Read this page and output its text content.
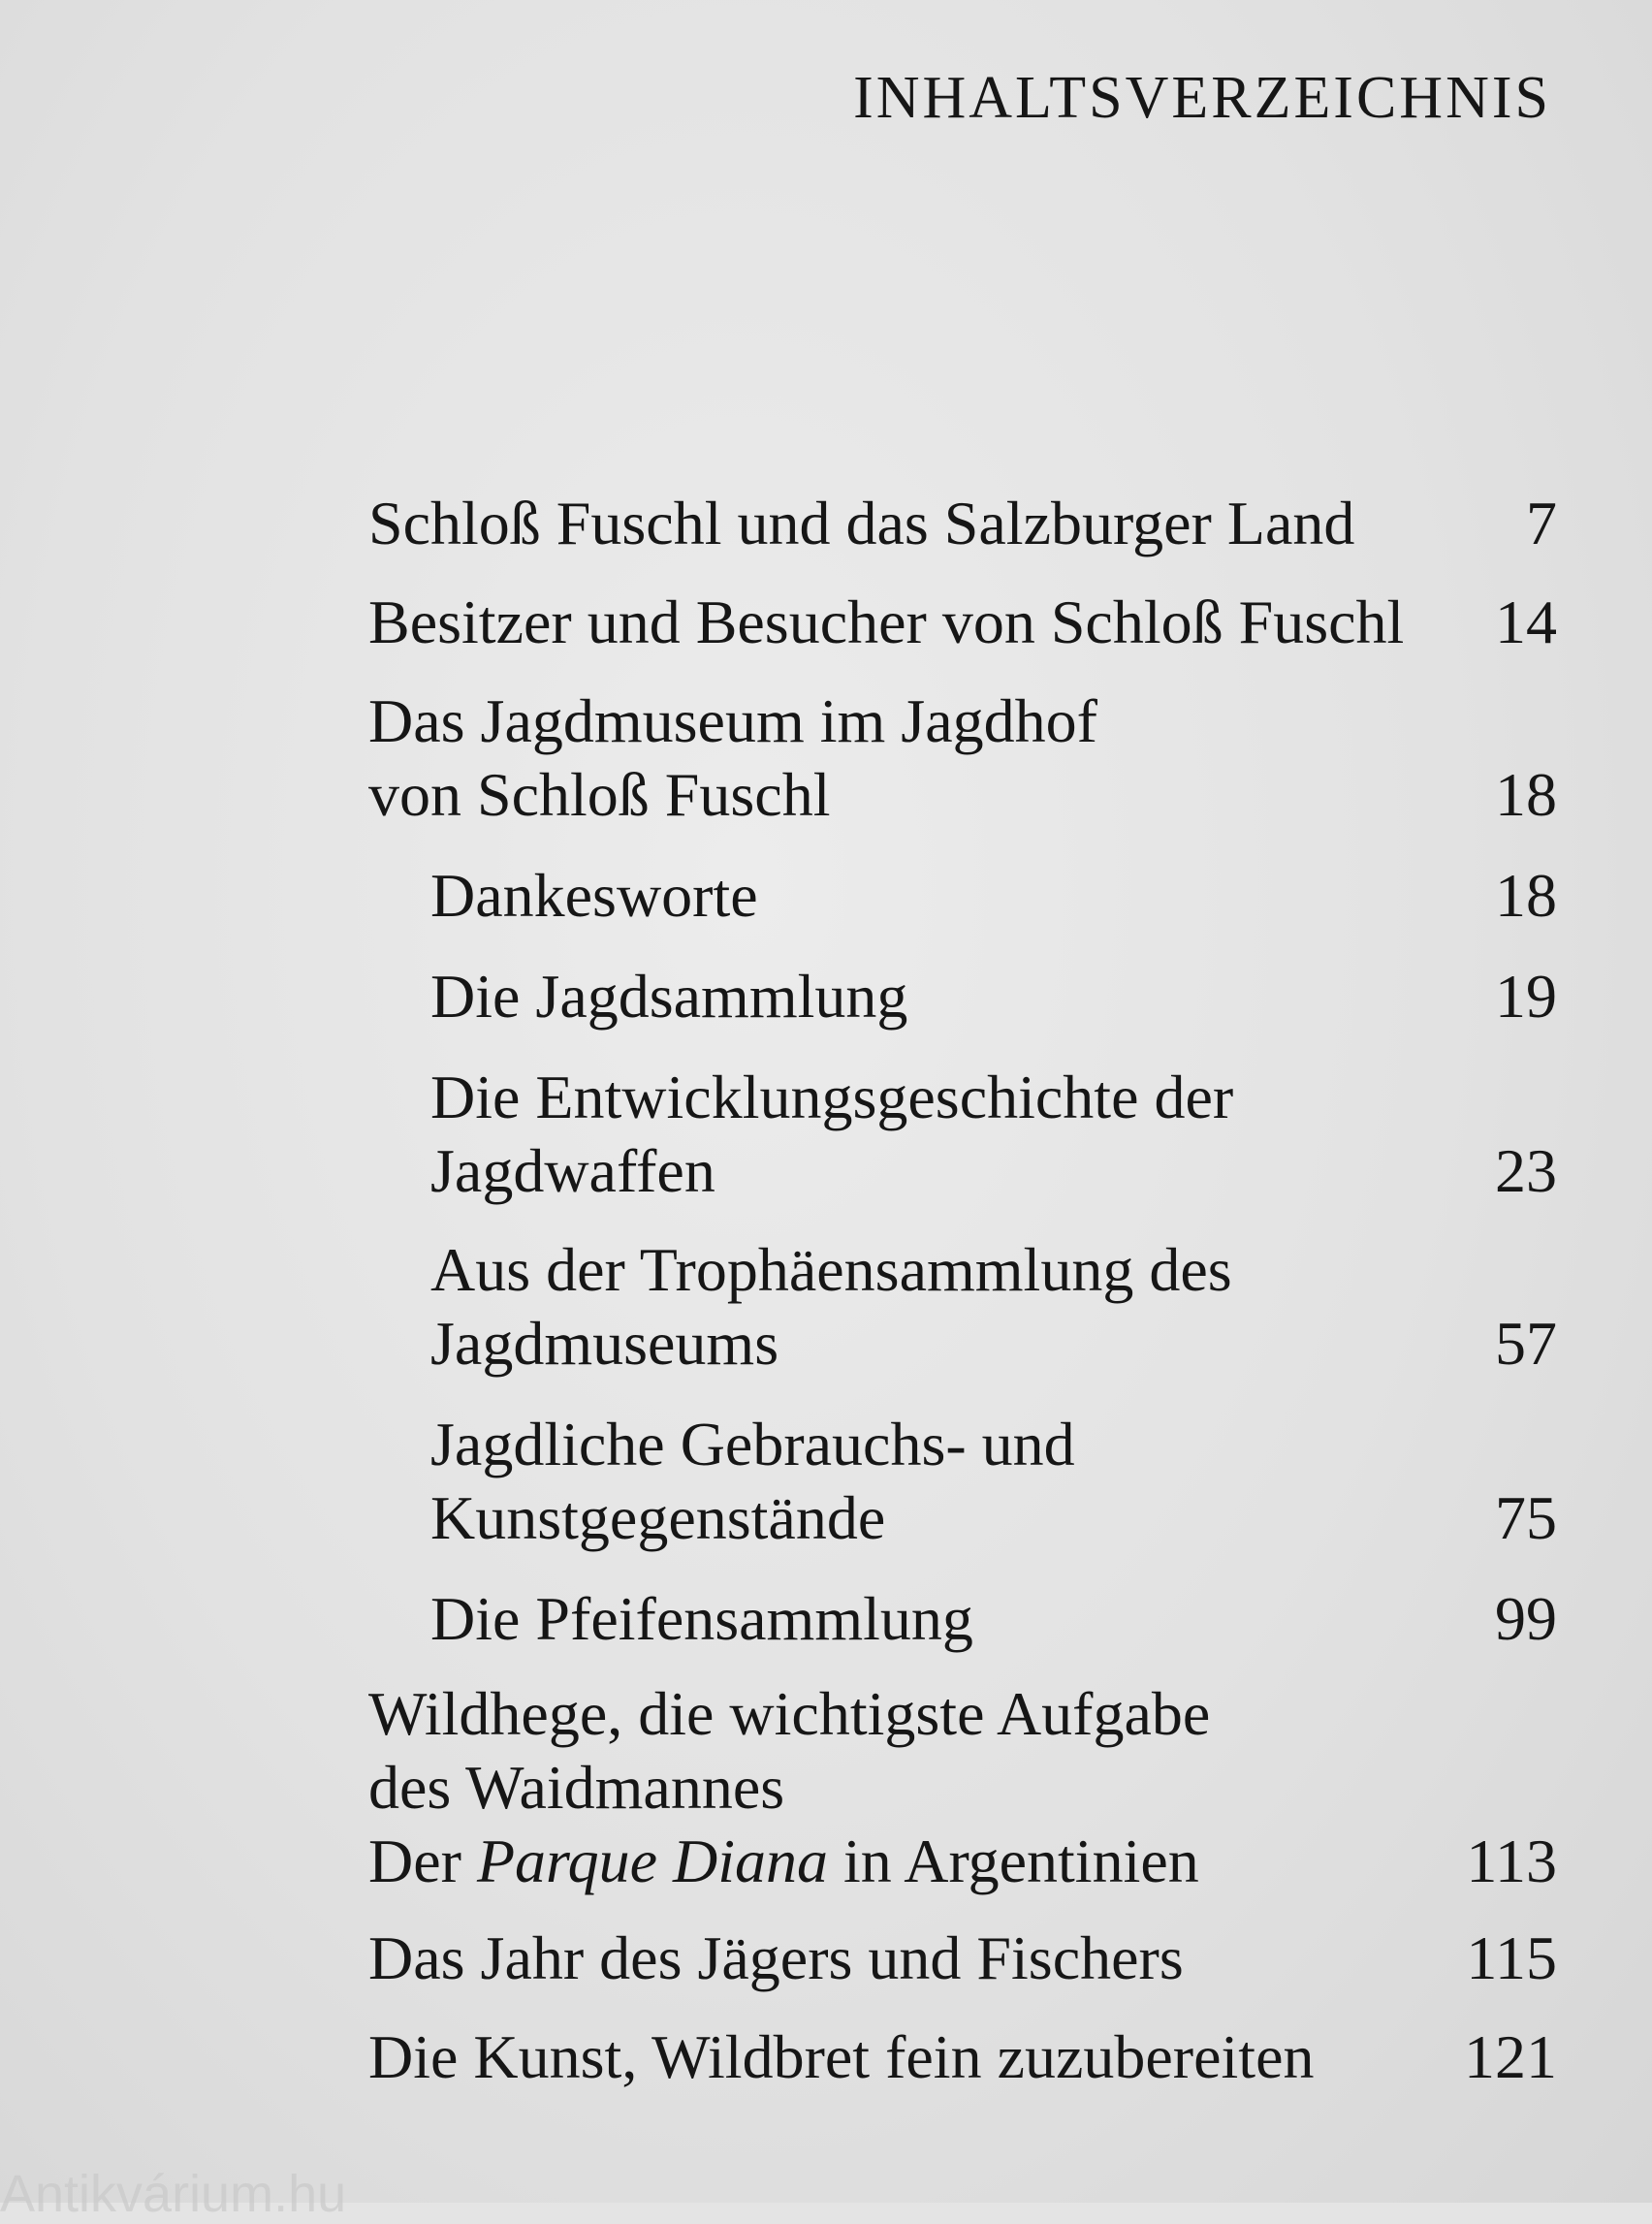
INHALTSVERZEICHNIS
Schloß Fuschl und das Salzburger Land	7
Besitzer und Besucher von Schloß Fuschl 14
Das Jagdmuseum im Jagdhof
von Schloß Fuschl	18
Dankesworte	18
Die Jagdsammlung	19
Die Entwicklungsgeschichte der
Jagdwaffen	23
Aus der Trophäensammlung des
Jagdmuseums	57
Jagdliche Gebrauchs- und
Kunstgegenstände	75
Die Pfeifensammlung	99
Wildhege, die wichtigste Aufgabe
des Waidmannes
Der Parque Diana in Argentinien	113
Das Jahr des Jägers und Fischers	115
Die Kunst, Wildbret fein zuzubereiten	121
Antikvárium.hu
